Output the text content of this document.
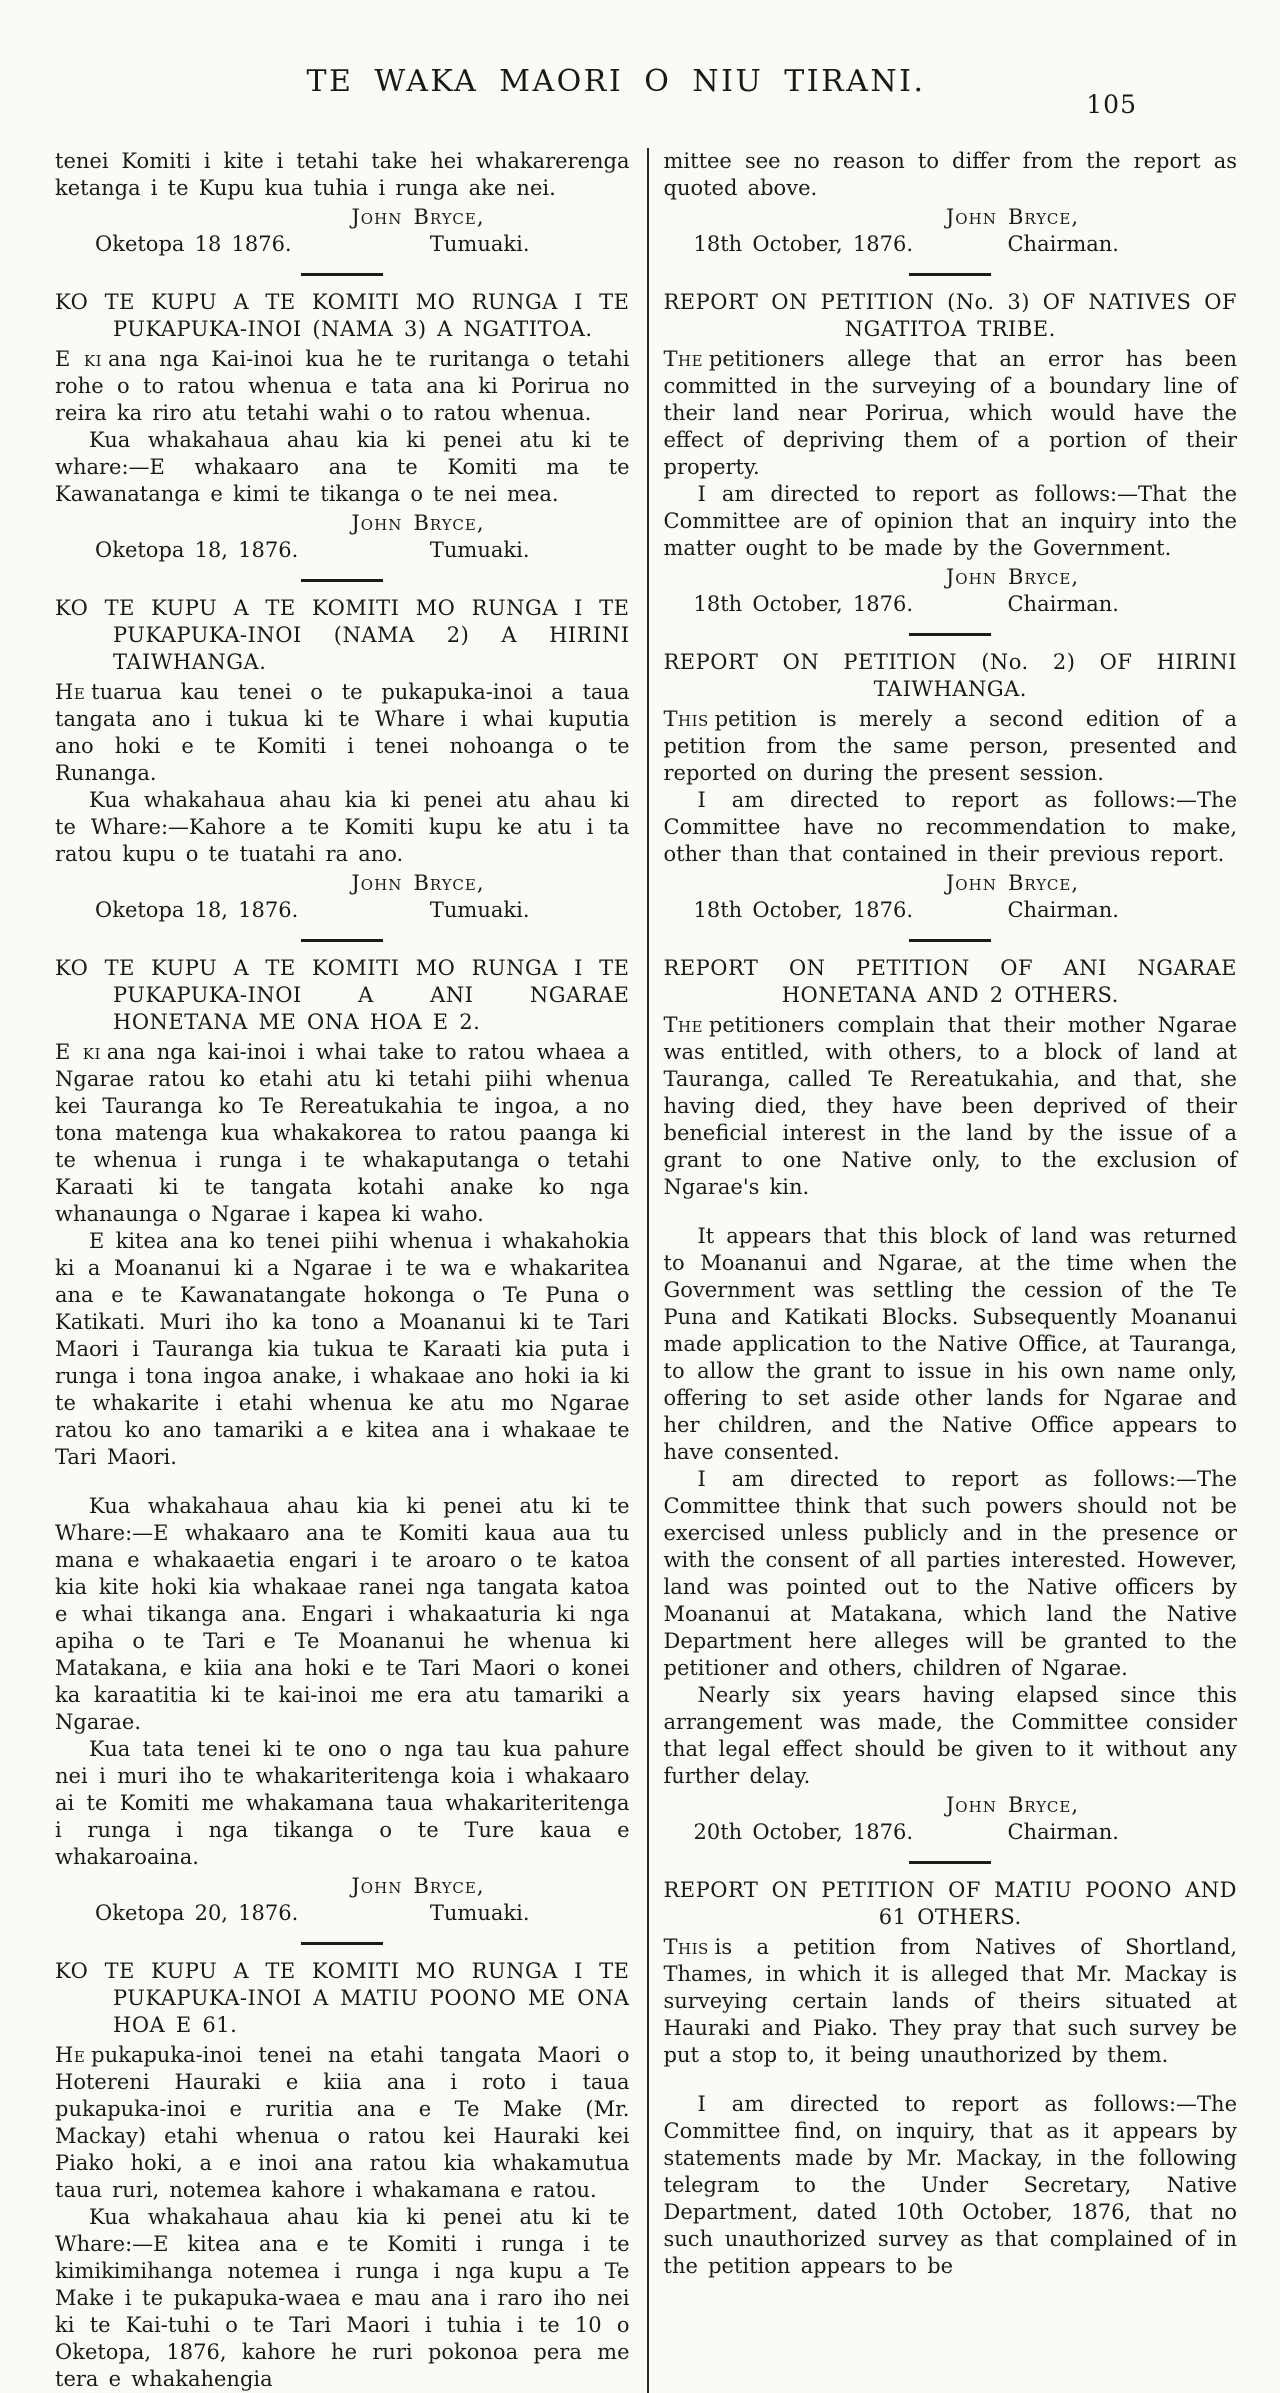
TE WAKA MAORI O NIU TIRANI.
105

tenei Komiti i kite i tetahi take hei whakarerenga ketanga i te Kupu kua tuhia i runga ake nei.

John Bryce,
Oketopa 18 1876.	Tumuaki.
KO TE KUPU A TE KOMITI MO RUNGA I TE PUKAPUKA-INOI (NAMA 3) A NGATITOA.

E ki ana nga Kai-inoi kua he te ruritanga o tetahi rohe o to ratou whenua e tata ana ki Porirua no reira ka riro atu tetahi wahi o to ratou whenua.

Kua whakahaua ahau kia ki penei atu ki te whare:—E whakaaro ana te Komiti ma te Kawanatanga e kimi te tikanga o te nei mea.

John Bryce,
Oketopa 18, 1876.	Tumuaki.
KO TE KUPU A TE KOMITI MO RUNGA I TE PUKAPUKA-INOI (NAMA 2) A HIRINI TAIWHANGA.

He tuarua kau tenei o te pukapuka-inoi a taua tangata ano i tukua ki te Whare i whai kuputia ano hoki e te Komiti i tenei nohoanga o te Runanga.

Kua whakahaua ahau kia ki penei atu ahau ki te Whare:—Kahore a te Komiti kupu ke atu i ta ratou kupu o te tuatahi ra ano.

John Bryce,
Oketopa 18, 1876.	Tumuaki.
KO TE KUPU A TE KOMITI MO RUNGA I TE PUKAPUKA-INOI A ANI NGARAE HONETANA ME ONA HOA E 2.

E ki ana nga kai-inoi i whai take to ratou whaea a Ngarae ratou ko etahi atu ki tetahi piihi whenua kei Tauranga ko Te Rereatukahia te ingoa, a no tona matenga kua whakakorea to ratou paanga ki te whenua i runga i te whakaputanga o tetahi Karaati ki te tangata kotahi anake ko nga whanaunga o Ngarae i kapea ki waho.

E kitea ana ko tenei piihi whenua i whakahokia ki a Moananui ki a Ngarae i te wa e whakaritea ana e te Kawanatangate hokonga o Te Puna o Katikati. Muri iho ka tono a Moananui ki te Tari Maori i Tauranga kia tukua te Karaati kia puta i runga i tona ingoa anake, i whakaae ano hoki ia ki te whakarite i etahi whenua ke atu mo Ngarae ratou ko ano tamariki a e kitea ana i whakaae te Tari Maori.

Kua whakahaua ahau kia ki penei atu ki te Whare:—E whakaaro ana te Komiti kaua aua tu mana e whakaaetia engari i te aroaro o te katoa kia kite hoki kia whakaae ranei nga tangata katoa e whai tikanga ana. Engari i whakaaturia ki nga apiha o te Tari e Te Moananui he whenua ki Matakana, e kiia ana hoki e te Tari Maori o konei ka karaatitia ki te kai-inoi me era atu tamariki a Ngarae.

Kua tata tenei ki te ono o nga tau kua pahure nei i muri iho te whakariteritenga koia i whakaaro ai te Komiti me whakamana taua whakariteritenga i runga i nga tikanga o te Ture kaua e whakaroaina.

John Bryce,
Oketopa 20, 1876.	Tumuaki.
KO TE KUPU A TE KOMITI MO RUNGA I TE PUKAPUKA-INOI A MATIU POONO ME ONA HOA E 61.

He pukapuka-inoi tenei na etahi tangata Maori o Hotereni Hauraki e kiia ana i roto i taua pukapuka-inoi e ruritia ana e Te Make (Mr. Mackay) etahi whenua o ratou kei Hauraki kei Piako hoki, a e inoi ana ratou kia whakamutua taua ruri, notemea kahore i whakamana e ratou.

Kua whakahaua ahau kia ki penei atu ki te Whare:—E kitea ana e te Komiti i runga i te kimikimihanga notemea i runga i nga kupu a Te Make i te pukapuka-waea e mau ana i raro iho nei ki te Kai-tuhi o te Tari Maori i tuhia i te 10 o Oketopa, 1876, kahore he ruri pokonoa pera me tera e whakahengia

mittee see no reason to differ from the report as quoted above.

John Bryce,
18th October, 1876.	Chairman.
REPORT ON PETITION (No. 3) OF NATIVES OF NGATITOA TRIBE.

The petitioners allege that an error has been committed in the surveying of a boundary line of their land near Porirua, which would have the effect of depriving them of a portion of their property.

I am directed to report as follows:—That the Committee are of opinion that an inquiry into the matter ought to be made by the Government.

John Bryce,
18th October, 1876.	Chairman.
REPORT ON PETITION (No. 2) OF HIRINI TAIWHANGA.

This petition is merely a second edition of a petition from the same person, presented and reported on during the present session.

I am directed to report as follows:—The Committee have no recommendation to make, other than that contained in their previous report.

John Bryce,
18th October, 1876.	Chairman.
REPORT ON PETITION OF ANI NGARAE HONETANA AND 2 OTHERS.

The petitioners complain that their mother Ngarae was entitled, with others, to a block of land at Tauranga, called Te Rereatukahia, and that, she having died, they have been deprived of their beneficial interest in the land by the issue of a grant to one Native only, to the exclusion of Ngarae's kin.

It appears that this block of land was returned to Moananui and Ngarae, at the time when the Government was settling the cession of the Te Puna and Katikati Blocks. Subsequently Moananui made application to the Native Office, at Tauranga, to allow the grant to issue in his own name only, offering to set aside other lands for Ngarae and her children, and the Native Office appears to have consented.

I am directed to report as follows:—The Committee think that such powers should not be exercised unless publicly and in the presence or with the consent of all parties interested. However, land was pointed out to the Native officers by Moananui at Matakana, which land the Native Department here alleges will be granted to the petitioner and others, children of Ngarae.

Nearly six years having elapsed since this arrangement was made, the Committee consider that legal effect should be given to it without any further delay.

John Bryce,
20th October, 1876.	Chairman.
REPORT ON PETITION OF MATIU POONO AND 61 OTHERS.

This is a petition from Natives of Shortland, Thames, in which it is alleged that Mr. Mackay is surveying certain lands of theirs situated at Hauraki and Piako. They pray that such survey be put a stop to, it being unauthorized by them.

I am directed to report as follows:—The Committee find, on inquiry, that as it appears by statements made by Mr. Mackay, in the following telegram to the Under Secretary, Native Department, dated 10th October, 1876, that no such unauthorized survey as that complained of in the petition appears to be
